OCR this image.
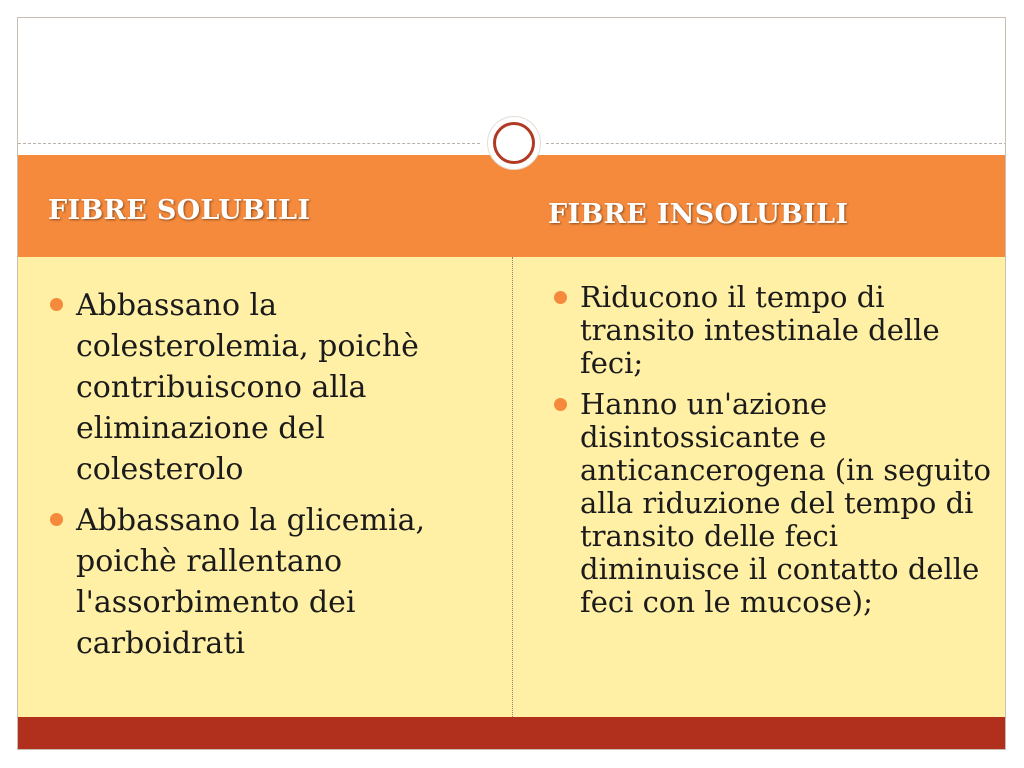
FIBRE SOLUBILI	FIBRE INSOLUBILI
Abbassano la colesterolemia, poichè contribuiscono alla eliminazione del colesterolo
Abbassano la glicemia, poichè rallentano l'assorbimento dei carboidrati
Riducono il tempo di transito intestinale delle feci;
Hanno un'azione disintossicante e anticancerogena (in seguito alla riduzione del tempo di transito delle feci diminuisce il contatto delle feci con le mucose);
